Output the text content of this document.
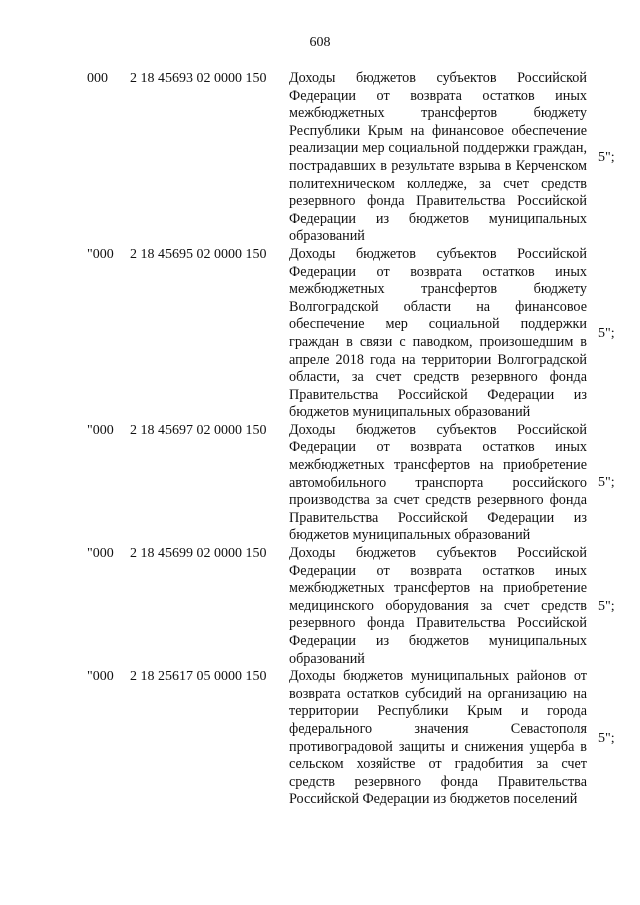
608
000 2 18 45693 02 0000 150 Доходы бюджетов субъектов Российской Федерации от возврата остатков иных межбюджетных трансфертов бюджету Республики Крым на финансовое обеспечение реализации мер социальной поддержки граждан, пострадавших в результате взрыва в Керченском политехническом колледже, за счет средств резервного фонда Правительства Российской Федерации из бюджетов муниципальных образований
5";
"000 2 18 45695 02 0000 150 Доходы бюджетов субъектов Российской Федерации от возврата остатков иных межбюджетных трансфертов бюджету Волгоградской области на финансовое обеспечение мер социальной поддержки граждан в связи с паводком, произошедшим в апреле 2018 года на территории Волгоградской области, за счет средств резервного фонда Правительства Российской Федерации из бюджетов муниципальных образований
5";
"000 2 18 45697 02 0000 150 Доходы бюджетов субъектов Российской Федерации от возврата остатков иных межбюджетных трансфертов на приобретение автомобильного транспорта российского производства за счет средств резервного фонда Правительства Российской Федерации из бюджетов муниципальных образований
5";
"000 2 18 45699 02 0000 150 Доходы бюджетов субъектов Российской Федерации от возврата остатков иных межбюджетных трансфертов на приобретение медицинского оборудования за счет средств резервного фонда Правительства Российской Федерации из бюджетов муниципальных образований
5";
"000 2 18 25617 05 0000 150 Доходы бюджетов муниципальных районов от возврата остатков субсидий на организацию на территории Республики Крым и города федерального значения Севастополя противоградовой защиты и снижения ущерба в сельском хозяйстве от градобития за счет средств резервного фонда Правительства Российской Федерации из бюджетов поселений
5";
